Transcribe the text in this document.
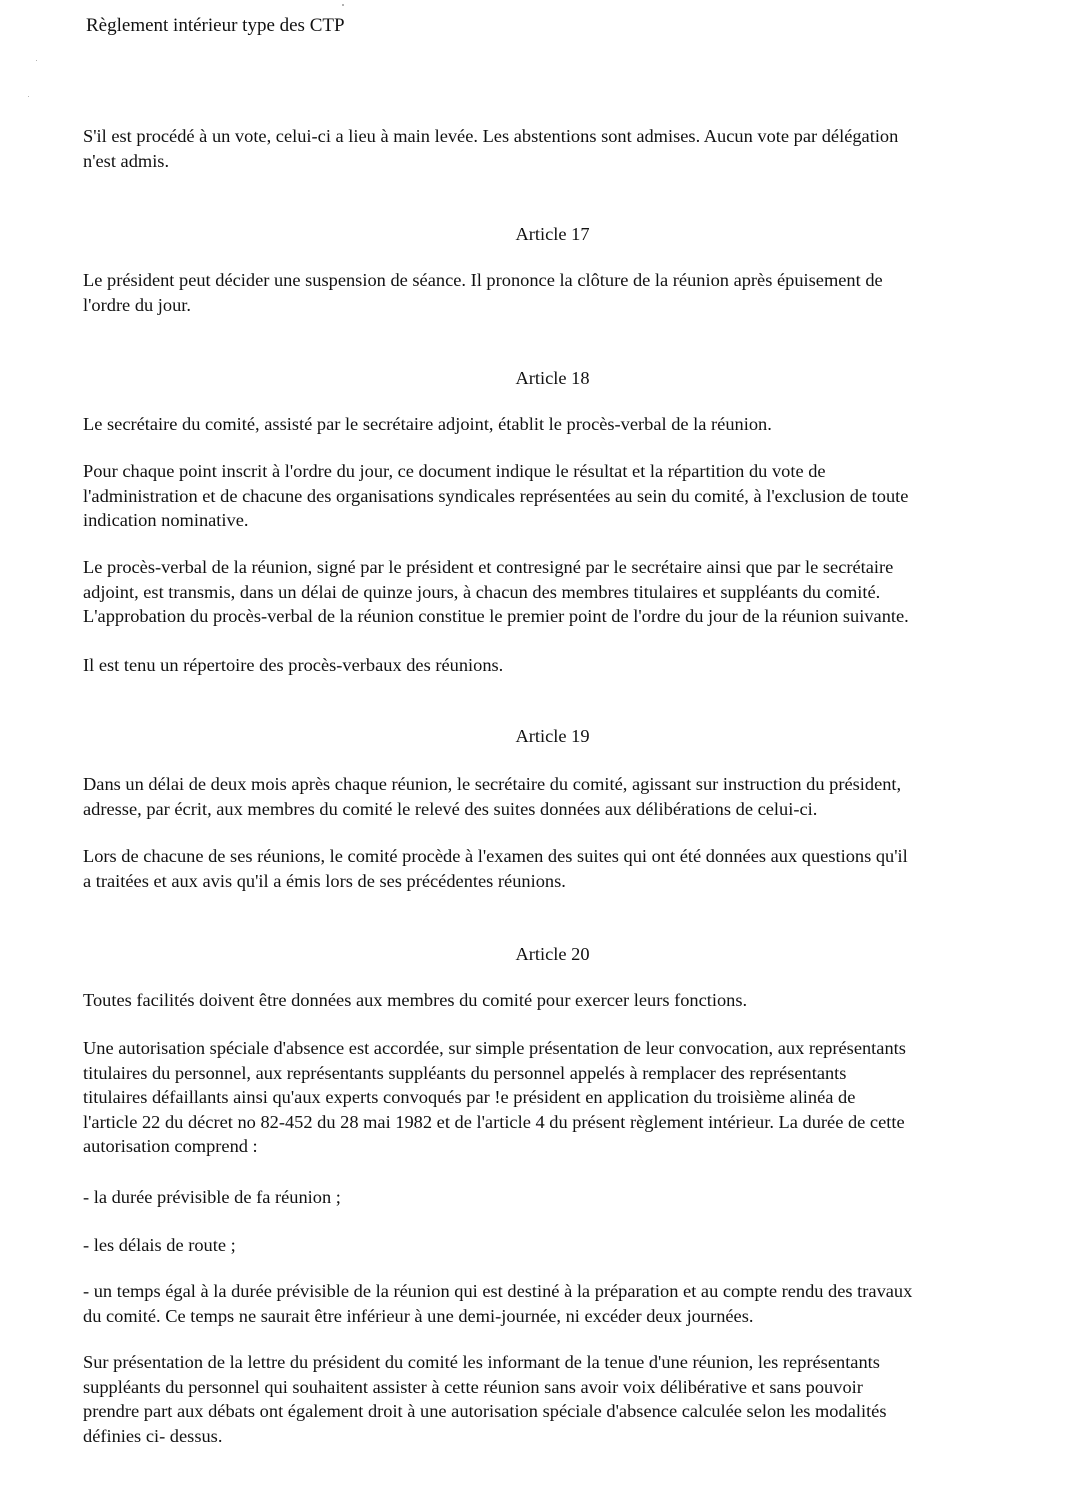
Règlement intérieur type des CTP
S'il est procédé à un vote, celui-ci a lieu à main levée. Les abstentions sont admises. Aucun vote par délégation
n'est admis.
Article 17
Le président peut décider une suspension de séance. Il prononce la clôture de la réunion après épuisement de
l'ordre du jour.
Article 18
Le secrétaire du comité, assisté par le secrétaire adjoint, établit le procès-verbal de la réunion.
Pour chaque point inscrit à l'ordre du jour, ce document indique le résultat et la répartition du vote de
l'administration et de chacune des organisations syndicales représentées au sein du comité, à l'exclusion de toute
indication nominative.
Le procès-verbal de la réunion, signé par le président et contresigné par le secrétaire ainsi que par le secrétaire
adjoint, est transmis, dans un délai de quinze jours, à chacun des membres titulaires et suppléants du comité.
L'approbation du procès-verbal de la réunion constitue le premier point de l'ordre du jour de la réunion suivante.
Il est tenu un répertoire des procès-verbaux des réunions.
Article 19
Dans un délai de deux mois après chaque réunion, le secrétaire du comité, agissant sur instruction du président,
adresse, par écrit, aux membres du comité le relevé des suites données aux délibérations de celui-ci.
Lors de chacune de ses réunions, le comité procède à l'examen des suites qui ont été données aux questions qu'il
a traitées et aux avis qu'il a émis lors de ses précédentes réunions.
Article 20
Toutes facilités doivent être données aux membres du comité pour exercer leurs fonctions.
Une autorisation spéciale d'absence est accordée, sur simple présentation de leur convocation, aux représentants
titulaires du personnel, aux représentants suppléants du personnel appelés à remplacer des représentants
titulaires défaillants ainsi qu'aux experts convoqués par !e président en application du troisième alinéa de
l'article 22 du décret no 82-452 du 28 mai 1982 et de l'article 4 du présent règlement intérieur. La durée de cette
autorisation comprend :
- la durée prévisible de fa réunion ;
- les délais de route ;
- un temps égal à la durée prévisible de la réunion qui est destiné à la préparation et au compte rendu des travaux
du comité. Ce temps ne saurait être inférieur à une demi-journée, ni excéder deux journées.
Sur présentation de la lettre du président du comité les informant de la tenue d'une réunion, les représentants
suppléants du personnel qui souhaitent assister à cette réunion sans avoir voix délibérative et sans pouvoir
prendre part aux débats ont également droit à une autorisation spéciale d'absence calculée selon les modalités
définies ci- dessus.
